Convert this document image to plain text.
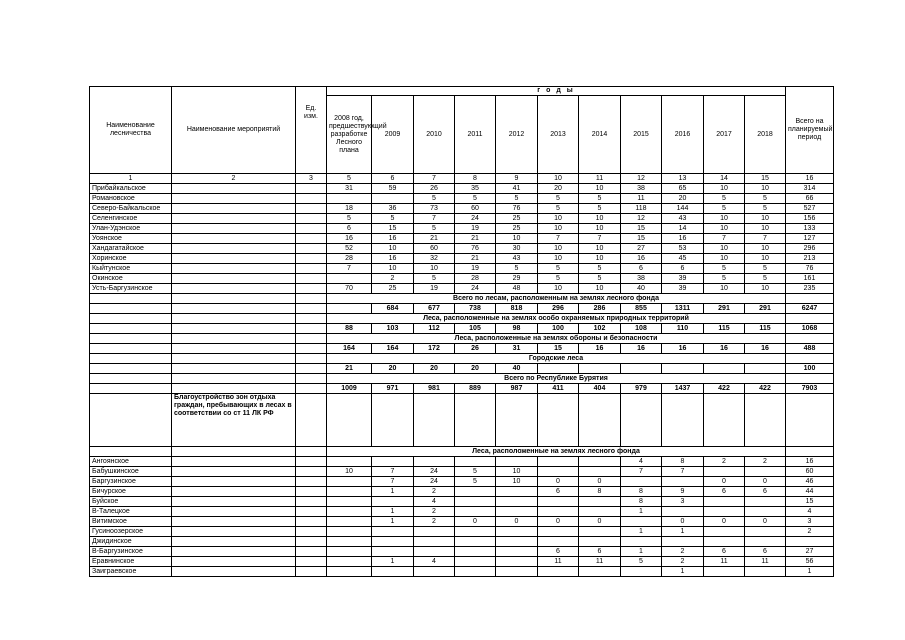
Наименование лесничества	Наименование мероприятий	Ед. изм.	г о д ы											Всего на планируемый период
			2008 год, предшествующий разработке Лесного плана	2009	2010	2011	2012	2013	2014	2015	2016	2017	2018	
1	2	3	5	6	7	8	9	10	11	12	13	14	15	16
Прибайкальское			31	59	26	35	41	20	10	38	65	10	10	314
Романовское					5	5	5	5	5	11	20	5	5	66
Северо-Байкальское			18	36	73	60	76	5	5	118	144	5	5	527
Селенгинское			5	5	7	24	25	10	10	12	43	10	10	156
Улан-Удэнское			6	15	5	19	25	10	10	15	14	10	10	133
Уоянское			16	16	21	21	10	7	7	15	16	7	7	127
Хандагатайское			52	10	60	76	30	10	10	27	53	10	10	296
Хоринское			28	16	32	21	43	10	10	16	45	10	10	213
Кыйтунское			7	10	10	19	5	5	5	6	6	5	5	76
Окинское				2	5	28	29	5	5	38	39	5	5	161
Усть-Баргузинское			70	25	19	24	48	10	10	40	39	10	10	235
			Всего по лесам, расположенным на землях лесного фонда											
				684	677	738	818	296	286	855	1311	291	291	6247
			Леса, расположенные на землях особо охраняемых природных территорий											
			88	103	112	105	98	100	102	108	110	115	115	1068
			Леса, расположенные на землях обороны и безопасности											
			164	164	172	26	31	15	16	16	16	16	16	488
			Городские леса											
			21	20	20	20	40							100
			Всего по Республике Бурятия											
			1009	971	981	889	987	411	404	979	1437	422	422	7903
	Благоустройство зон отдыха граждан, пребывающих в лесах в соответствии со ст 11 ЛК РФ													
			Леса, расположенные на землях лесного фонда											
Ангоянское										4	8	2	2	16
Бабушкинское			10	7	24	5	10			7	7			60
Баргузинское				7	24	5	10	0	0			0	0	46
Бичурское				1	2			6	8	8	9	6	6	44
Буйское					4					8	3			15
В-Талецкое				1	2					1				4
Витимское				1	2	0	0	0	0		0	0	0	3
Гусиноозерское										1	1			2
Джидинское														
В-Баргузинское								6	6	1	2	6	6	27
Еравнинское				1	4			11	11	5	2	11	11	56
Заиграевское											1			1
